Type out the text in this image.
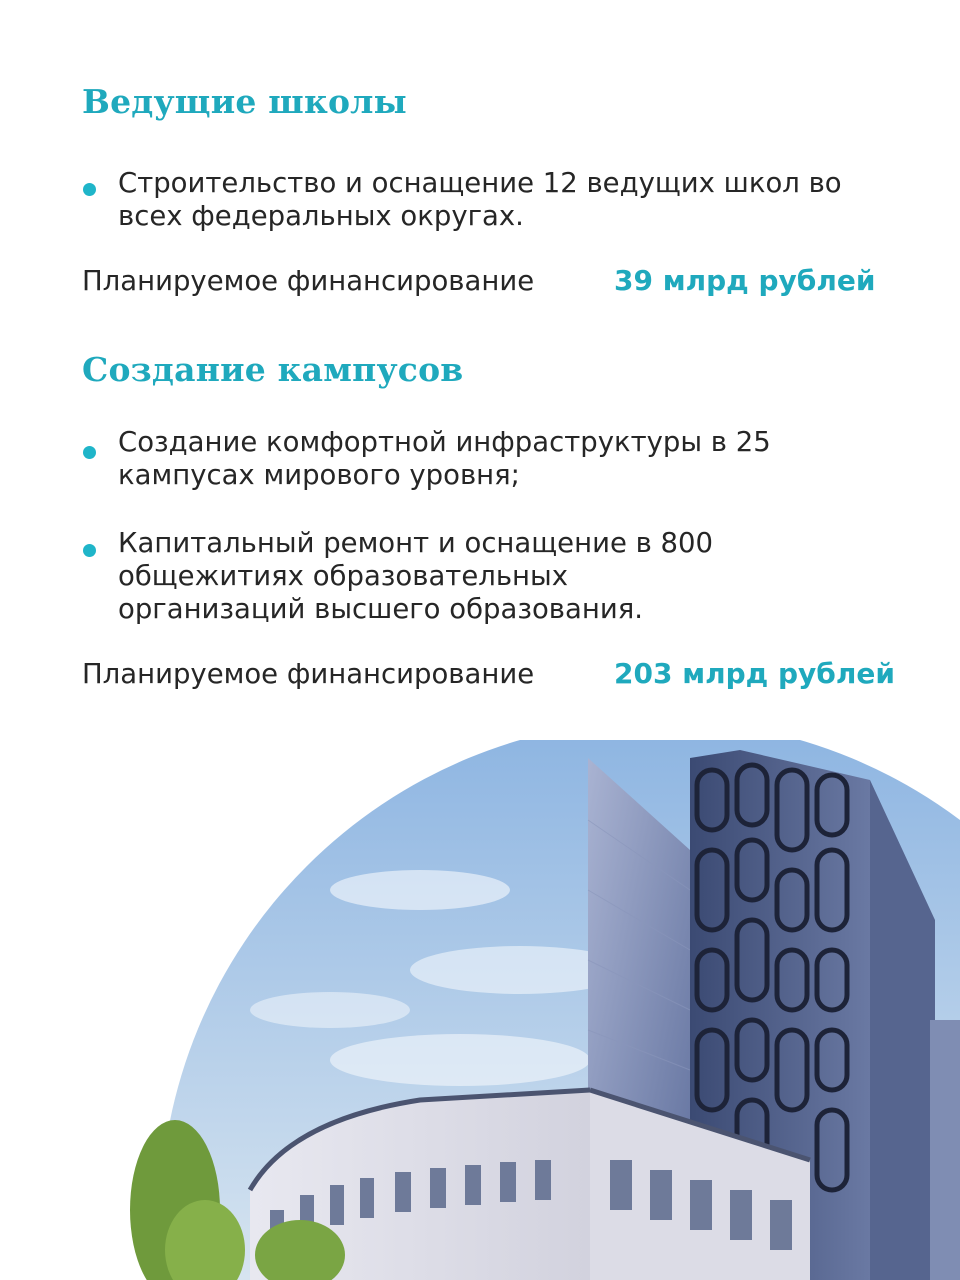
Ведущие школы

Строительство и оснащение 12 ведущих школ во всех федеральных округах.

Планируемое финансирование	39 млрд рублей

Создание кампусов

Создание комфортной инфраструктуры в 25 кампусах мирового уровня;

Капитальный ремонт и оснащение в 800 общежитиях образовательных организаций высшего образования.

Планируемое финансирование	203 млрд рублей
